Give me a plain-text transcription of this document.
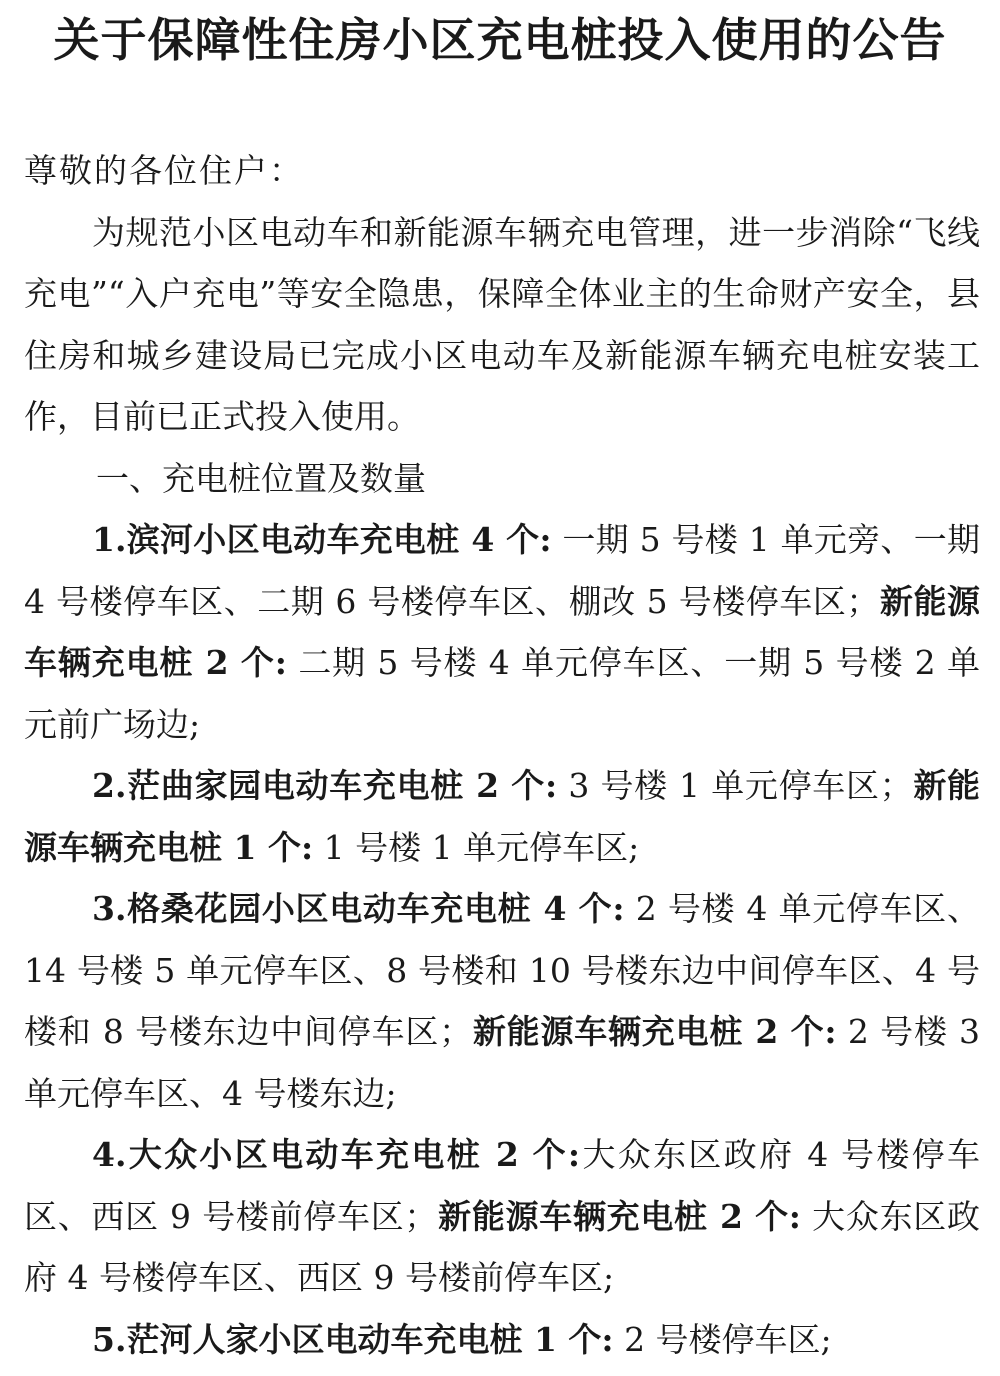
关于保障性住房小区充电桩投入使用的公告

尊敬的各位住户：

为规范小区电动车和新能源车辆充电管理，进一步消除“飞线充电”“入户充电”等安全隐患，保障全体业主的生命财产安全，县住房和城乡建设局已完成小区电动车及新能源车辆充电桩安装工作，目前已正式投入使用。

一、充电桩位置及数量

1.滨河小区电动车充电桩 4 个: 一期 5 号楼 1 单元旁、一期 4 号楼停车区、二期 6 号楼停车区、棚改 5 号楼停车区；新能源车辆充电桩 2 个: 二期 5 号楼 4 单元停车区、一期 5 号楼 2 单元前广场边;

2.茫曲家园电动车充电桩 2 个: 3 号楼 1 单元停车区；新能源车辆充电桩 1 个: 1 号楼 1 单元停车区;

3.格桑花园小区电动车充电桩 4 个: 2 号楼 4 单元停车区、14 号楼 5 单元停车区、8 号楼和 10 号楼东边中间停车区、4 号楼和 8 号楼东边中间停车区；新能源车辆充电桩 2 个: 2 号楼 3 单元停车区、4 号楼东边;

4.大众小区电动车充电桩 2 个:大众东区政府 4 号楼停车区、西区 9 号楼前停车区；新能源车辆充电桩 2 个: 大众东区政府 4 号楼停车区、西区 9 号楼前停车区;

5.茫河人家小区电动车充电桩 1 个: 2 号楼停车区;
